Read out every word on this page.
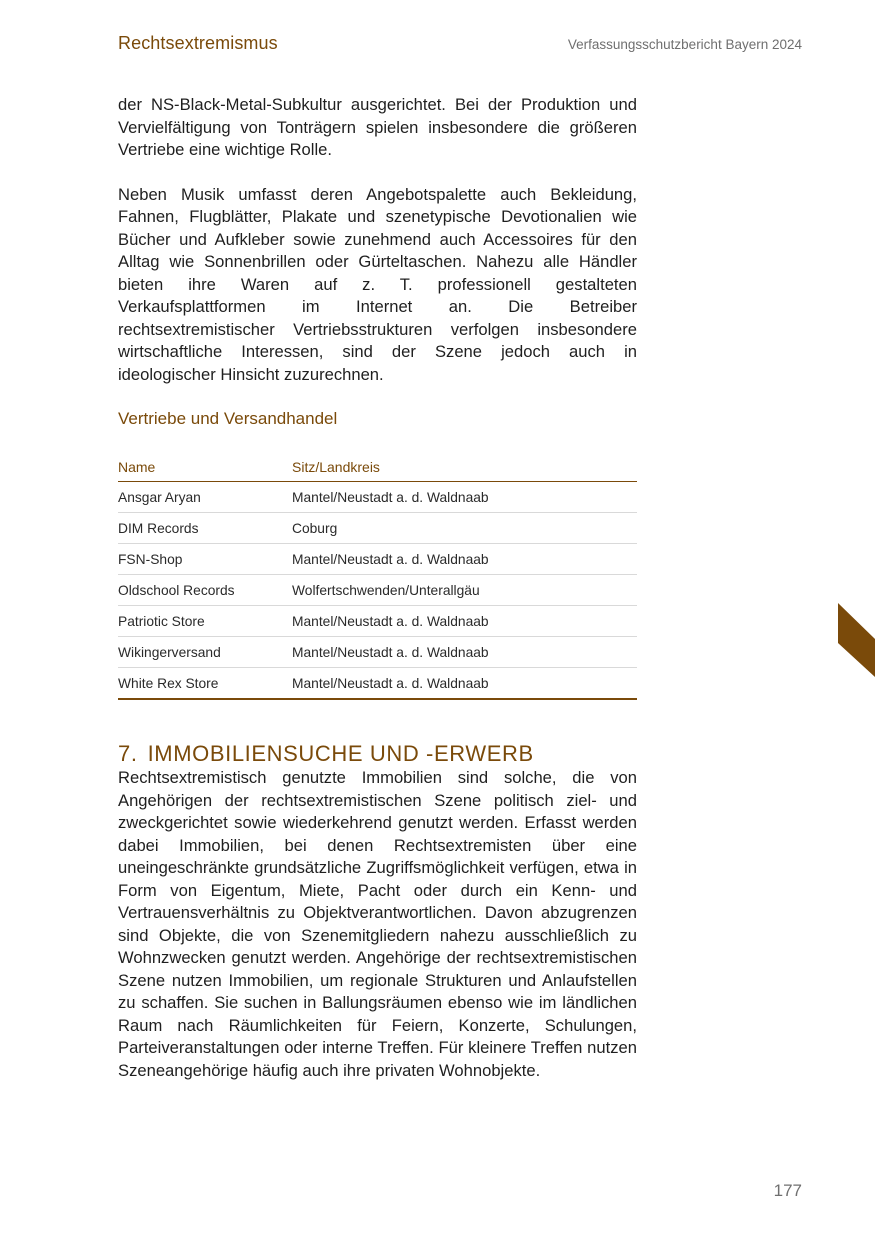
Rechtsextremismus	Verfassungsschutzbericht Bayern 2024

der NS-Black-Metal-Subkultur ausgerichtet. Bei der Produktion und Vervielfältigung von Tonträgern spielen insbesondere die größeren Vertriebe eine wichtige Rolle.

Neben Musik umfasst deren Angebotspalette auch Bekleidung, Fahnen, Flugblätter, Plakate und szenetypische Devotionalien wie Bücher und Aufkleber sowie zunehmend auch Accessoires für den Alltag wie Sonnenbrillen oder Gürteltaschen. Nahezu alle Händler bieten ihre Waren auf z. T. professionell gestalteten Verkaufsplattformen im Internet an. Die Betreiber rechtsextremistischer Vertriebsstrukturen verfolgen insbesondere wirtschaftliche Interessen, sind der Szene jedoch auch in ideologischer Hinsicht zuzurechnen.

Vertriebe und Versandhandel
Name	Sitz/Landkreis
Ansgar Aryan	Mantel/Neustadt a. d. Waldnaab
DIM Records	Coburg
FSN-Shop	Mantel/Neustadt a. d. Waldnaab
Oldschool Records	Wolfertschwenden/Unterallgäu
Patriotic Store	Mantel/Neustadt a. d. Waldnaab
Wikingerversand	Mantel/Neustadt a. d. Waldnaab
White Rex Store	Mantel/Neustadt a. d. Waldnaab
7. IMMOBILIENSUCHE UND -ERWERB

Rechtsextremistisch genutzte Immobilien sind solche, die von Angehörigen der rechtsextremistischen Szene politisch ziel- und zweckgerichtet sowie wiederkehrend genutzt werden. Erfasst werden dabei Immobilien, bei denen Rechtsextremisten über eine uneingeschränkte grundsätzliche Zugriffsmöglichkeit verfügen, etwa in Form von Eigentum, Miete, Pacht oder durch ein Kenn- und Vertrauensverhältnis zu Objektverantwortlichen. Davon abzugrenzen sind Objekte, die von Szenemitgliedern nahezu ausschließlich zu Wohnzwecken genutzt werden. Angehörige der rechtsextremistischen Szene nutzen Immobilien, um regionale Strukturen und Anlaufstellen zu schaffen. Sie suchen in Ballungsräumen ebenso wie im ländlichen Raum nach Räumlichkeiten für Feiern, Konzerte, Schulungen, Parteiveranstaltungen oder interne Treffen. Für kleinere Treffen nutzen Szeneangehörige häufig auch ihre privaten Wohnobjekte.

177
